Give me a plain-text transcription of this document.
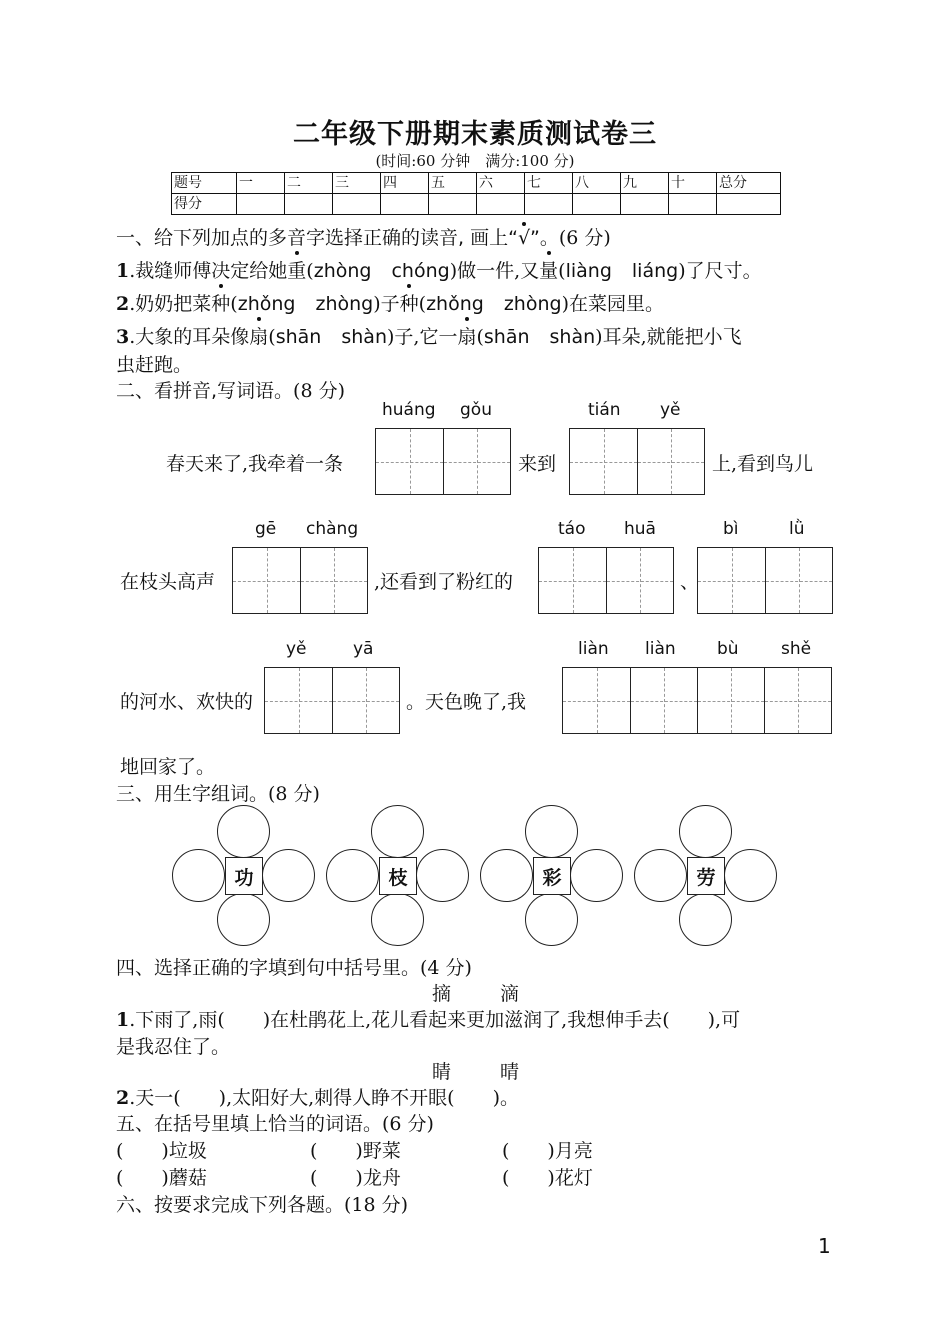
二年级下册期末素质测试卷三
(时间:60 分钟　满分:100 分)
题号	一	二	三	四	五	六	七	八	九	十	总分
得分											
一、给下列加点的多音字选择正确的读音, 画上“√”。(6 分)
1.裁缝师傅决定给她重(zhòng chóng)做一件,又量(liàng liáng)了尺寸。
2.奶奶把菜种(zhǒng zhòng)子种(zhǒng zhòng)在菜园里。
3.大象的耳朵像扇(shān shàn)子,它一扇(shān shàn)耳朵,就能把小飞
虫赶跑。
二、看拼音,写词语。(8 分)
春天来了,我牵着一条
huáng gǒu
来到
tián yě
上,看到鸟儿
在枝头高声
gē chàng
,还看到了粉红的
táo huā
、
bì	lǜ
的河水、欢快的
yě	yā
。天色晚了,我
liàn liàn bù shě
地回家了。
三、用生字组词。(8 分)
功	枝	彩	劳
四、选择正确的字填到句中括号里。(4 分)
摘	滴
1.下雨了,雨(　　)在杜鹃花上,花儿看起来更加滋润了,我想伸手去(　　),可
是我忍住了。
睛	晴
2.天一(　　),太阳好大,刺得人睁不开眼(　　)。
五、在括号里填上恰当的词语。(6 分)
(　　)垃圾	(　　)野菜	(　　)月亮
(　　)蘑菇	(　　)龙舟	(　　)花灯
六、按要求完成下列各题。(18 分)
1
